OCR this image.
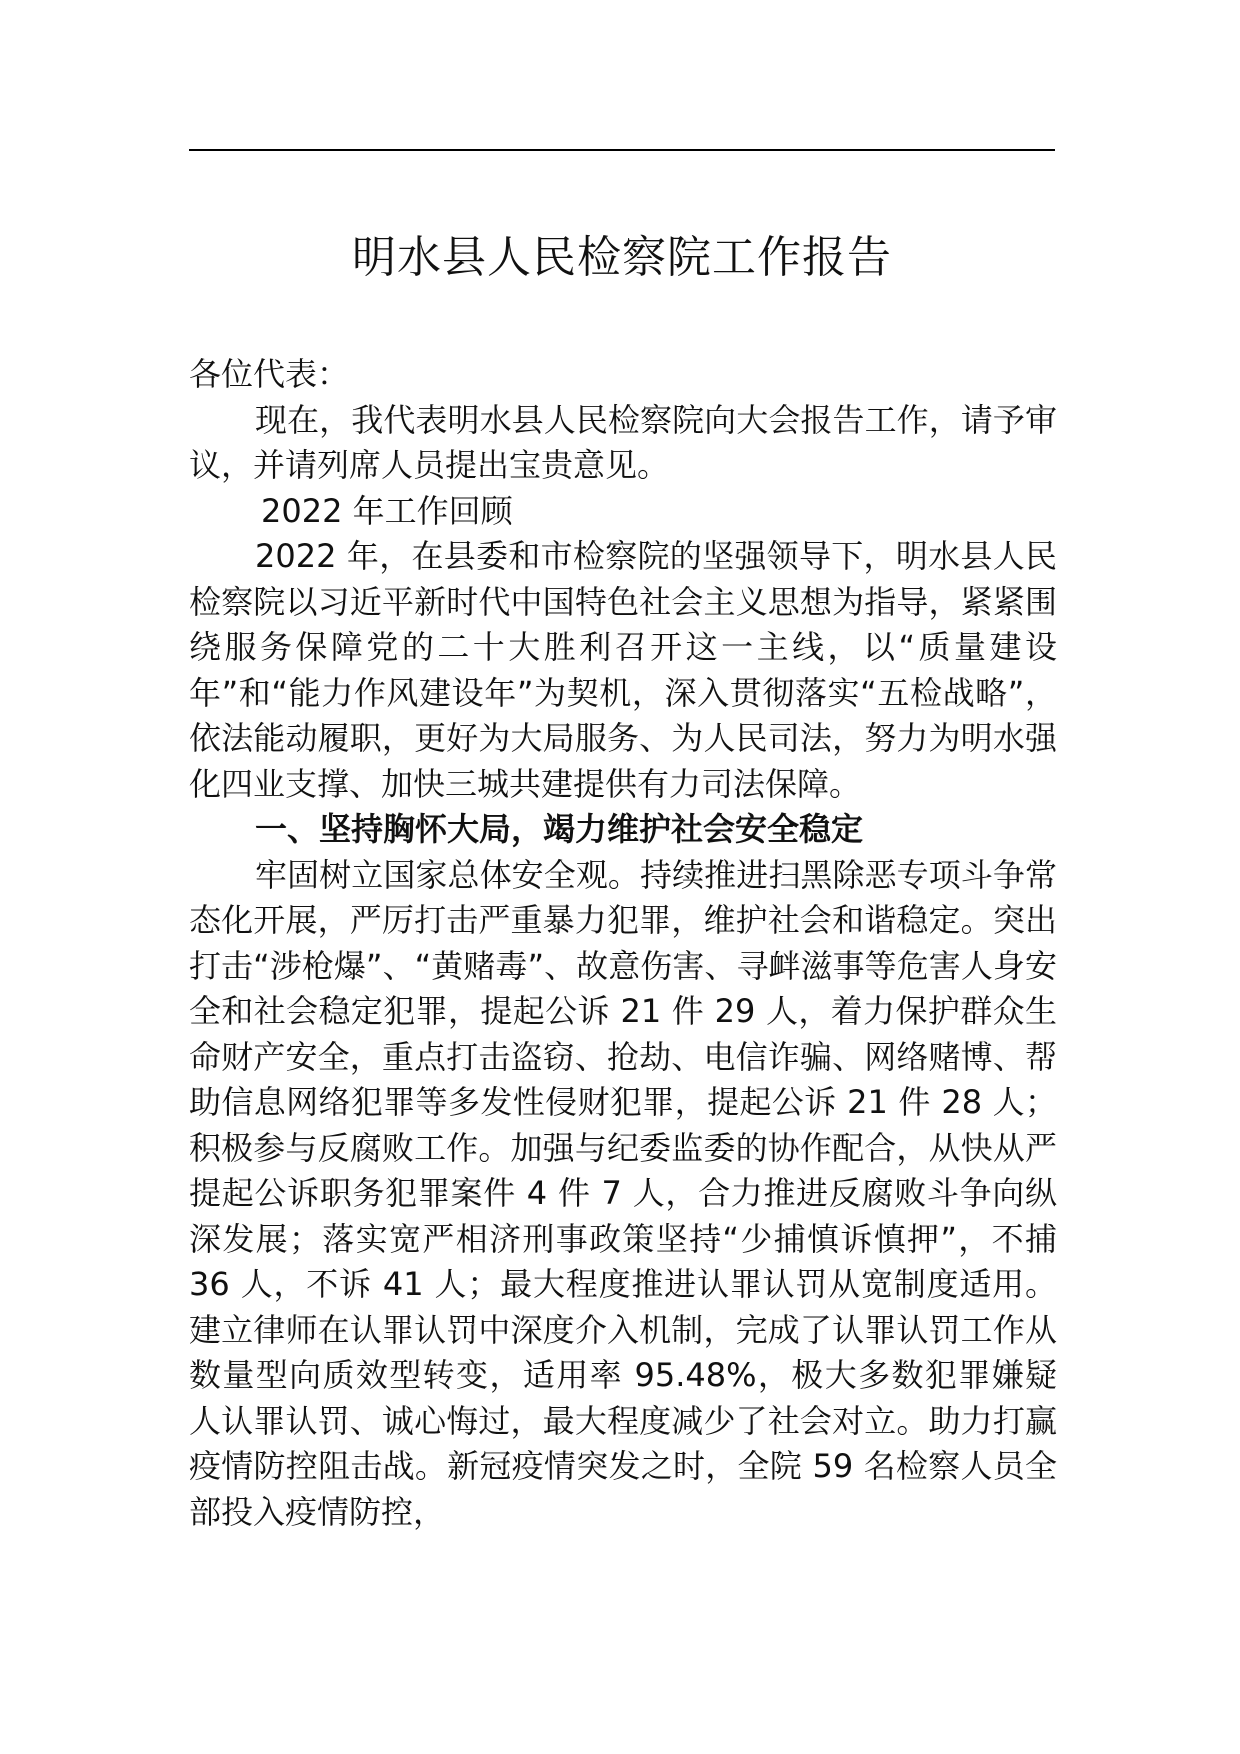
明水县人民检察院工作报告

各位代表：

现在，我代表明水县人民检察院向大会报告工作，请予审议，并请列席人员提出宝贵意见。

2022 年工作回顾

2022 年，在县委和市检察院的坚强领导下，明水县人民检察院以习近平新时代中国特色社会主义思想为指导，紧紧围绕服务保障党的二十大胜利召开这一主线，以“质量建设年”和“能力作风建设年”为契机，深入贯彻落实“五检战略”，依法能动履职，更好为大局服务、为人民司法，努力为明水强化四业支撑、加快三城共建提供有力司法保障。

一、坚持胸怀大局，竭力维护社会安全稳定

牢固树立国家总体安全观。持续推进扫黑除恶专项斗争常态化开展，严厉打击严重暴力犯罪，维护社会和谐稳定。突出打击“涉枪爆”、“黄赌毒”、故意伤害、寻衅滋事等危害人身安全和社会稳定犯罪，提起公诉 21 件 29 人，着力保护群众生命财产安全，重点打击盗窃、抢劫、电信诈骗、网络赌博、帮助信息网络犯罪等多发性侵财犯罪，提起公诉 21 件 28 人；积极参与反腐败工作。加强与纪委监委的协作配合，从快从严提起公诉职务犯罪案件 4 件 7 人，合力推进反腐败斗争向纵深发展；落实宽严相济刑事政策坚持“少捕慎诉慎押”，不捕 36 人，不诉 41 人；最大程度推进认罪认罚从宽制度适用。建立律师在认罪认罚中深度介入机制，完成了认罪认罚工作从数量型向质效型转变，适用率 95.48%，极大多数犯罪嫌疑人认罪认罚、诚心悔过，最大程度减少了社会对立。助力打赢疫情防控阻击战。新冠疫情突发之时，全院 59 名检察人员全部投入疫情防控，
